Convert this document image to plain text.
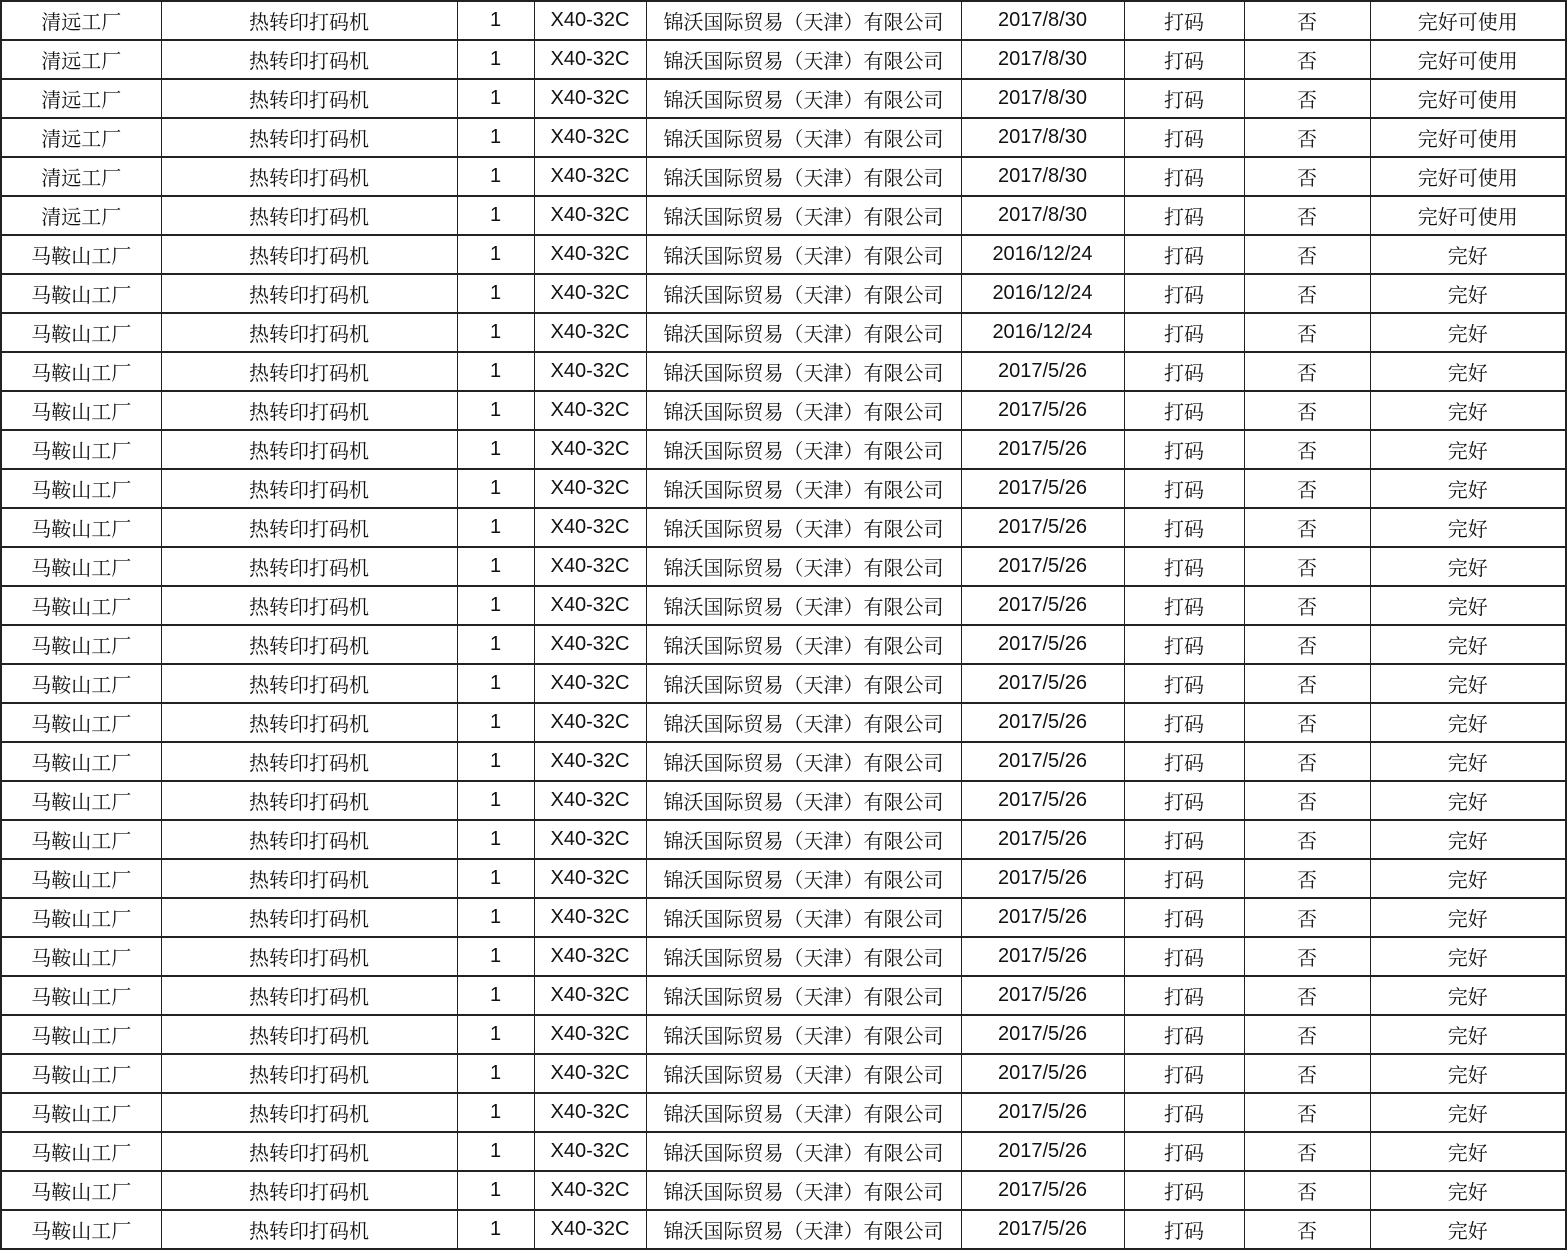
清远工厂	热转印打码机	1	X40-32C	锦沃国际贸易（天津）有限公司	2017/8/30	打码	否	完好可使用
清远工厂	热转印打码机	1	X40-32C	锦沃国际贸易（天津）有限公司	2017/8/30	打码	否	完好可使用
清远工厂	热转印打码机	1	X40-32C	锦沃国际贸易（天津）有限公司	2017/8/30	打码	否	完好可使用
清远工厂	热转印打码机	1	X40-32C	锦沃国际贸易（天津）有限公司	2017/8/30	打码	否	完好可使用
清远工厂	热转印打码机	1	X40-32C	锦沃国际贸易（天津）有限公司	2017/8/30	打码	否	完好可使用
清远工厂	热转印打码机	1	X40-32C	锦沃国际贸易（天津）有限公司	2017/8/30	打码	否	完好可使用
马鞍山工厂	热转印打码机	1	X40-32C	锦沃国际贸易（天津）有限公司	2016/12/24	打码	否	完好
马鞍山工厂	热转印打码机	1	X40-32C	锦沃国际贸易（天津）有限公司	2016/12/24	打码	否	完好
马鞍山工厂	热转印打码机	1	X40-32C	锦沃国际贸易（天津）有限公司	2016/12/24	打码	否	完好
马鞍山工厂	热转印打码机	1	X40-32C	锦沃国际贸易（天津）有限公司	2017/5/26	打码	否	完好
马鞍山工厂	热转印打码机	1	X40-32C	锦沃国际贸易（天津）有限公司	2017/5/26	打码	否	完好
马鞍山工厂	热转印打码机	1	X40-32C	锦沃国际贸易（天津）有限公司	2017/5/26	打码	否	完好
马鞍山工厂	热转印打码机	1	X40-32C	锦沃国际贸易（天津）有限公司	2017/5/26	打码	否	完好
马鞍山工厂	热转印打码机	1	X40-32C	锦沃国际贸易（天津）有限公司	2017/5/26	打码	否	完好
马鞍山工厂	热转印打码机	1	X40-32C	锦沃国际贸易（天津）有限公司	2017/5/26	打码	否	完好
马鞍山工厂	热转印打码机	1	X40-32C	锦沃国际贸易（天津）有限公司	2017/5/26	打码	否	完好
马鞍山工厂	热转印打码机	1	X40-32C	锦沃国际贸易（天津）有限公司	2017/5/26	打码	否	完好
马鞍山工厂	热转印打码机	1	X40-32C	锦沃国际贸易（天津）有限公司	2017/5/26	打码	否	完好
马鞍山工厂	热转印打码机	1	X40-32C	锦沃国际贸易（天津）有限公司	2017/5/26	打码	否	完好
马鞍山工厂	热转印打码机	1	X40-32C	锦沃国际贸易（天津）有限公司	2017/5/26	打码	否	完好
马鞍山工厂	热转印打码机	1	X40-32C	锦沃国际贸易（天津）有限公司	2017/5/26	打码	否	完好
马鞍山工厂	热转印打码机	1	X40-32C	锦沃国际贸易（天津）有限公司	2017/5/26	打码	否	完好
马鞍山工厂	热转印打码机	1	X40-32C	锦沃国际贸易（天津）有限公司	2017/5/26	打码	否	完好
马鞍山工厂	热转印打码机	1	X40-32C	锦沃国际贸易（天津）有限公司	2017/5/26	打码	否	完好
马鞍山工厂	热转印打码机	1	X40-32C	锦沃国际贸易（天津）有限公司	2017/5/26	打码	否	完好
马鞍山工厂	热转印打码机	1	X40-32C	锦沃国际贸易（天津）有限公司	2017/5/26	打码	否	完好
马鞍山工厂	热转印打码机	1	X40-32C	锦沃国际贸易（天津）有限公司	2017/5/26	打码	否	完好
马鞍山工厂	热转印打码机	1	X40-32C	锦沃国际贸易（天津）有限公司	2017/5/26	打码	否	完好
马鞍山工厂	热转印打码机	1	X40-32C	锦沃国际贸易（天津）有限公司	2017/5/26	打码	否	完好
马鞍山工厂	热转印打码机	1	X40-32C	锦沃国际贸易（天津）有限公司	2017/5/26	打码	否	完好
马鞍山工厂	热转印打码机	1	X40-32C	锦沃国际贸易（天津）有限公司	2017/5/26	打码	否	完好
马鞍山工厂	热转印打码机	1	X40-32C	锦沃国际贸易（天津）有限公司	2017/5/26	打码	否	完好
